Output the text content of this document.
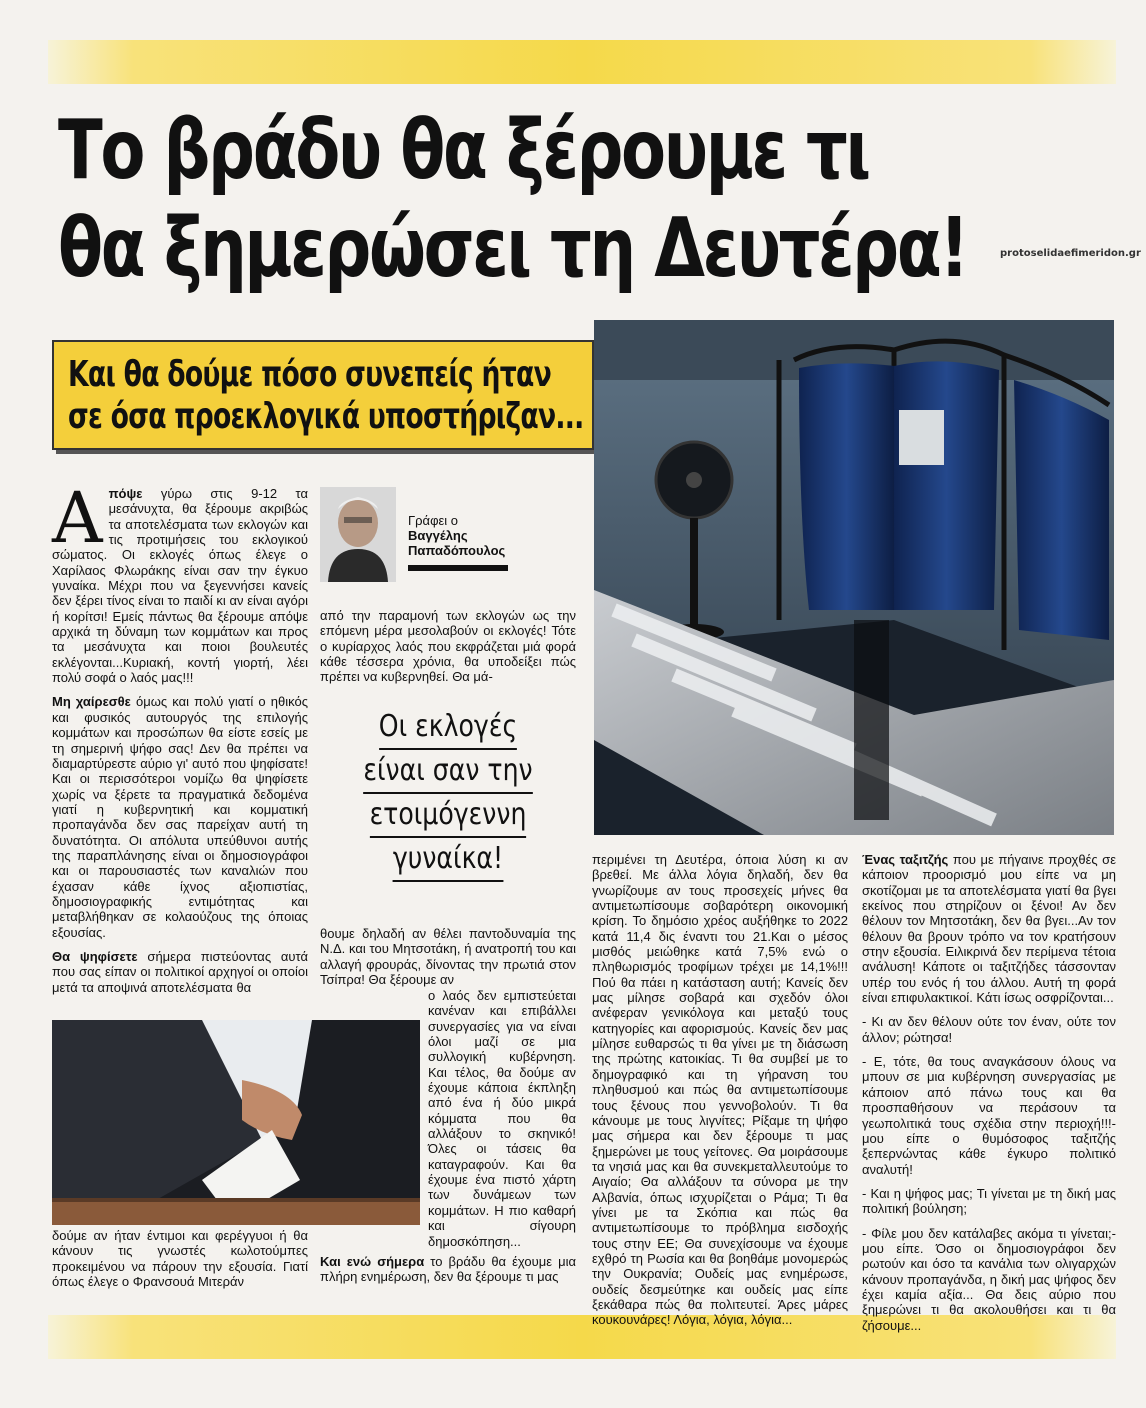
protoselidaefimeridon.gr
Το βράδυ θα ξέρουμε τι
θα ξημερώσει τη Δευτέρα!
Και θα δούμε πόσο συνεπείς ήταν
σε όσα προεκλογικά υποστήριζαν...

Α πόψε γύρω στις 9-12 τα μεσάνυχτα, θα ξέρουμε ακριβώς τα αποτελέσματα των εκλογών και τις προτιμήσεις του εκλογικού σώματος. Οι εκλογές όπως έλεγε ο Χαρίλαος Φλωράκης είναι σαν την έγκυο γυναίκα. Μέχρι που να ξεγεννήσει κανείς δεν ξέρει τίνος είναι το παιδί κι αν είναι αγόρι ή κορίτσι! Εμείς πάντως θα ξέρουμε απόψε αρχικά τη δύναμη των κομμάτων και προς τα μεσάνυχτα και ποιοι βουλευτές εκλέγονται...Κυριακή, κοντή γιορτή, λέει πολύ σοφά ο λαός μας!!!

Μη χαίρεσθε όμως και πολύ γιατί ο ηθικός και φυσικός αυτουργός της επιλογής κομμάτων και προσώπων θα είστε εσείς με τη σημερινή ψήφο σας! Δεν θα πρέπει να διαμαρτύρεστε αύριο γι' αυτό που ψηφίσατε! Και οι περισσότεροι νομίζω θα ψηφίσετε χωρίς να ξέρετε τα πραγματικά δεδομένα γιατί η κυβερνητική και κομματική προπαγάνδα δεν σας παρείχαν αυτή τη δυνατότητα. Οι απόλυτα υπεύθυνοι αυτής της παραπλάνησης είναι οι δημοσιογράφοι και οι παρουσιαστές των καναλιών που έχασαν κάθε ίχνος αξιοπιστίας, δημοσιογραφικής εντιμότητας και μεταβλήθηκαν σε κολαούζους της όποιας εξουσίας.

Θα ψηφίσετε σήμερα πιστεύοντας αυτά που σας είπαν οι πολιτικοί αρχηγοί οι οποίοι μετά τα αποψινά αποτελέσματα θα

δούμε αν ήταν έντιμοι και φερέγγυοι ή θα κάνουν τις γνωστές κωλοτούμπες προκειμένου να πάρουν την εξουσία. Γιατί όπως έλεγε ο Φρανσουά Μιτεράν

Γράφει ο
Βαγγέλης
Παπαδόπουλος

από την παραμονή των εκλογών ως την επόμενη μέρα μεσολαβούν οι εκλογές! Τότε ο κυρίαρχος λαός που εκφράζεται μιά φορά κάθε τέσσερα χρόνια, θα υποδείξει πώς πρέπει να κυβερνηθεί. Θα μά-

Οι εκλογές
είναι σαν την
ετοιμόγεννη
γυναίκα!

θουμε δηλαδή αν θέλει παντοδυναμία της Ν.Δ. και του Μητσοτάκη, ή ανατροπή του και αλλαγή φρουράς, δίνοντας την πρωτιά στον Τσίπρα! Θα ξέρουμε αν

ο λαός δεν εμπιστεύεται κανέναν και επιβάλλει συνεργασίες για να είναι όλοι μαζί σε μια συλλογική κυβέρνηση. Και τέλος, θα δούμε αν έχουμε κάποια έκπληξη από ένα ή δύο μικρά κόμματα που θα αλλάξουν το σκηνικό! Όλες οι τάσεις θα καταγραφούν. Και θα έχουμε ένα πιστό χάρτη των δυνάμεων των κομμάτων. Η πιο καθαρή και σίγουρη δημοσκόπηση...

Και ενώ σήμερα το βράδυ θα έχουμε μια πλήρη ενημέρωση, δεν θα ξέρουμε τι μας

περιμένει τη Δευτέρα, όποια λύση κι αν βρεθεί. Με άλλα λόγια δηλαδή, δεν θα γνωρίζουμε αν τους προσεχείς μήνες θα αντιμετωπίσουμε σοβαρότερη οικονομική κρίση. Το δημόσιο χρέος αυξήθηκε το 2022 κατά 11,4 δις έναντι του 21.Και ο μέσος μισθός μειώθηκε κατά 7,5% ενώ ο πληθωρισμός τροφίμων τρέχει με 14,1%!!! Πού θα πάει η κατάσταση αυτή; Κανείς δεν μας μίλησε σοβαρά και σχεδόν όλοι ανέφεραν γενικόλογα και μεταξύ τους κατηγορίες και αφορισμούς. Κανείς δεν μας μίλησε ευθαρσώς τι θα γίνει με τη διάσωση της πρώτης κατοικίας. Τι θα συμβεί με το δημογραφικό και τη γήρανση του πληθυσμού και πώς θα αντιμετωπίσουμε τους ξένους που γεννοβολούν. Τι θα κάνουμε με τους λιγνίτες; Ρίξαμε τη ψήφο μας σήμερα και δεν ξέρουμε τι μας ξημερώνει με τους γείτονες. Θα μοιράσουμε τα νησιά μας και θα συνεκμεταλλευτούμε το Αιγαίο; Θα αλλάξουν τα σύνορα με την Αλβανία, όπως ισχυρίζεται ο Ράμα; Τι θα γίνει με τα Σκόπια και πώς θα αντιμετωπίσουμε το πρόβλημα εισδοχής τους στην ΕΕ; Θα συνεχίσουμε να έχουμε εχθρό τη Ρωσία και θα βοηθάμε μονομερώς την Ουκρανία; Ουδείς μας ενημέρωσε, ουδείς δεσμεύτηκε και ουδείς μας είπε ξεκάθαρα πώς θα πολιτευτεί. Άρες μάρες κουκουνάρες! Λόγια, λόγια, λόγια...

Ένας ταξιτζής που με πήγαινε προχθές σε κάποιον προορισμό μου είπε να μη σκοτίζομαι με τα αποτελέσματα γιατί θα βγει εκείνος που στηρίζουν οι ξένοι! Αν δεν θέλουν τον Μητσοτάκη, δεν θα βγει...Αν τον θέλουν θα βρουν τρόπο να τον κρατήσουν στην εξουσία. Ειλικρινά δεν περίμενα τέτοια ανάλυση! Κάποτε οι ταξιτζήδες τάσσονταν υπέρ του ενός ή του άλλου. Αυτή τη φορά είναι επιφυλακτικοί. Κάτι ίσως οσφρίζονται...

- Κι αν δεν θέλουν ούτε τον έναν, ούτε τον άλλον; ρώτησα!

- Ε, τότε, θα τους αναγκάσουν όλους να μπουν σε μια κυβέρνηση συνεργασίας με κάποιον από πάνω τους και θα προσπαθήσουν να περάσουν τα γεωπολιτικά τους σχέδια στην περιοχή!!!- μου είπε ο θυμόσοφος ταξιτζής ξεπερνώντας κάθε έγκυρο πολιτικό αναλυτή!

- Και η ψήφος μας; Τι γίνεται με τη δική μας πολιτική βούληση;

- Φίλε μου δεν κατάλαβες ακόμα τι γίνεται;-μου είπε. Όσο οι δημοσιογράφοι δεν ρωτούν και όσο τα κανάλια των ολιγαρχών κάνουν προπαγάνδα, η δική μας ψήφος δεν έχει καμία αξία... Θα δεις αύριο που ξημερώνει τι θα ακολουθήσει και τι θα ζήσουμε...
